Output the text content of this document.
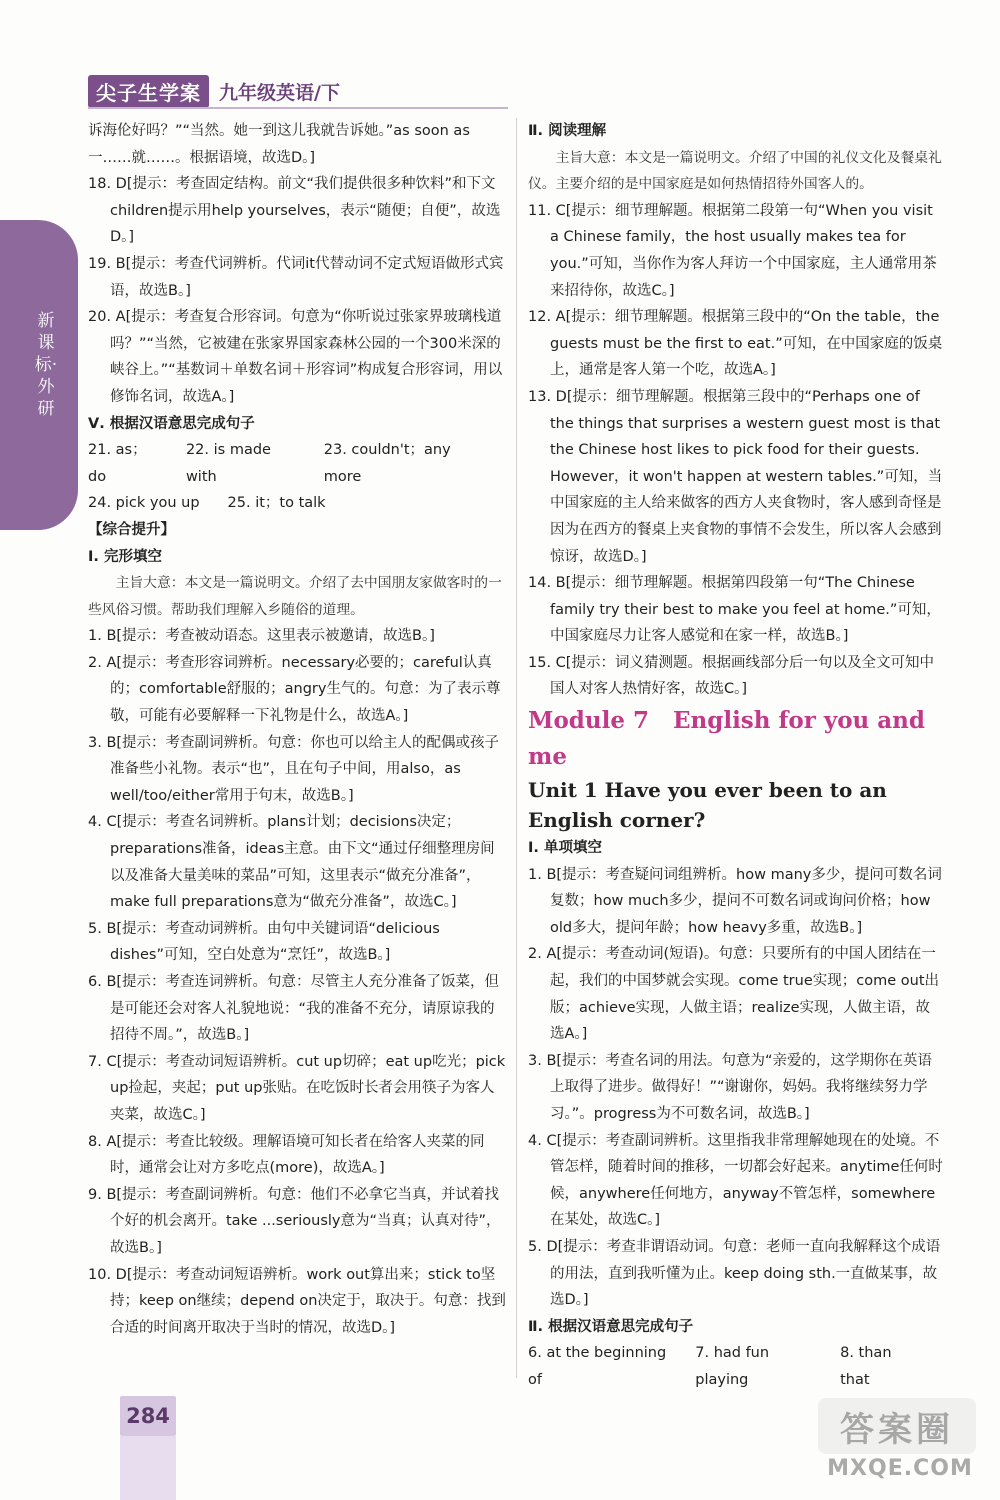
尖子生学案 九年级英语/下
新课标·外研

诉海伦好吗？”“当然。她一到这儿我就告诉她。”as soon as一……就……。根据语境，故选D。]

18. D[提示：考查固定结构。前文“我们提供很多种饮料”和下文children提示用help yourselves，表示“随便；自便”，故选D。]

19. B[提示：考查代词辨析。代词it代替动词不定式短语做形式宾语，故选B。]

20. A[提示：考查复合形容词。句意为“你听说过张家界玻璃栈道吗？”“当然，它被建在张家界国家森林公园的一个300米深的峡谷上。”“基数词＋单数名词＋形容词”构成复合形容词，用以修饰名词，故选A。]

Ⅴ. 根据汉语意思完成句子

21. as；do
22. is made with
23. couldn't；any more

24. pick you up 25. it；to talk

【综合提升】

Ⅰ. 完形填空

主旨大意：本文是一篇说明文。介绍了去中国朋友家做客时的一些风俗习惯。帮助我们理解入乡随俗的道理。

1. B[提示：考查被动语态。这里表示被邀请，故选B。]

2. A[提示：考查形容词辨析。necessary必要的；careful认真的；comfortable舒服的；angry生气的。句意：为了表示尊敬，可能有必要解释一下礼物是什么，故选A。]

3. B[提示：考查副词辨析。句意：你也可以给主人的配偶或孩子准备些小礼物。表示“也”，且在句子中间，用also，as well/too/either常用于句末，故选B。]

4. C[提示：考查名词辨析。plans计划；decisions决定；preparations准备，ideas主意。由下文“通过仔细整理房间以及准备大量美味的菜品”可知，这里表示“做充分准备”，make full preparations意为“做充分准备”，故选C。]

5. B[提示：考查动词辨析。由句中关键词语“delicious dishes”可知，空白处意为“烹饪”，故选B。]

6. B[提示：考查连词辨析。句意：尽管主人充分准备了饭菜，但是可能还会对客人礼貌地说：“我的准备不充分，请原谅我的招待不周。”，故选B。]

7. C[提示：考查动词短语辨析。cut up切碎；eat up吃光；pick up捡起，夹起；put up张贴。在吃饭时长者会用筷子为客人夹菜，故选C。]

8. A[提示：考查比较级。理解语境可知长者在给客人夹菜的同时，通常会让对方多吃点(more)，故选A。]

9. B[提示：考查副词辨析。句意：他们不必拿它当真，并试着找个好的机会离开。take ...seriously意为“当真；认真对待”，故选B。]

10. D[提示：考查动词短语辨析。work out算出来；stick to坚持；keep on继续；depend on决定于，取决于。句意：找到合适的时间离开取决于当时的情况，故选D。]

Ⅱ. 阅读理解

主旨大意：本文是一篇说明文。介绍了中国的礼仪文化及餐桌礼仪。主要介绍的是中国家庭是如何热情招待外国客人的。

11. C[提示：细节理解题。根据第二段第一句“When you visit a Chinese family，the host usually makes tea for you.”可知，当你作为客人拜访一个中国家庭，主人通常用茶来招待你，故选C。]

12. A[提示：细节理解题。根据第三段中的“On the table，the guests must be the first to eat.”可知，在中国家庭的饭桌上，通常是客人第一个吃，故选A。]

13. D[提示：细节理解题。根据第三段中的“Perhaps one of the things that surprises a western guest most is that the Chinese host likes to pick food for their guests. However，it won't happen at western tables.”可知，当中国家庭的主人给来做客的西方人夹食物时，客人感到奇怪是因为在西方的餐桌上夹食物的事情不会发生，所以客人会感到惊讶，故选D。]

14. B[提示：细节理解题。根据第四段第一句“The Chinese family try their best to make you feel at home.”可知，中国家庭尽力让客人感觉和在家一样，故选B。]

15. C[提示：词义猜测题。根据画线部分后一句以及全文可知中国人对客人热情好客，故选C。]

Module 7 English for you and me

Unit 1 Have you ever been to an English corner?

Ⅰ. 单项填空

1. B[提示：考查疑问词组辨析。how many多少，提问可数名词复数；how much多少，提问不可数名词或询问价格；how old多大，提问年龄；how heavy多重，故选B。]

2. A[提示：考查动词(短语)。句意：只要所有的中国人团结在一起，我们的中国梦就会实现。come true实现；come out出版；achieve实现，人做主语；realize实现，人做主语，故选A。]

3. B[提示：考查名词的用法。句意为“亲爱的，这学期你在英语上取得了进步。做得好！”“谢谢你，妈妈。我将继续努力学习。”。progress为不可数名词，故选B。]

4. C[提示：考查副词辨析。这里指我非常理解她现在的处境。不管怎样，随着时间的推移，一切都会好起来。anytime任何时候，anywhere任何地方，anyway不管怎样，somewhere在某处，故选C。]

5. D[提示：考查非谓语动词。句意：老师一直向我解释这个成语的用法，直到我听懂为止。keep doing sth.一直做某事，故选D。]

Ⅱ. 根据汉语意思完成句子

6. at the beginning of
7. had fun playing
8. than that

284	答案圈
MXQE.COM
